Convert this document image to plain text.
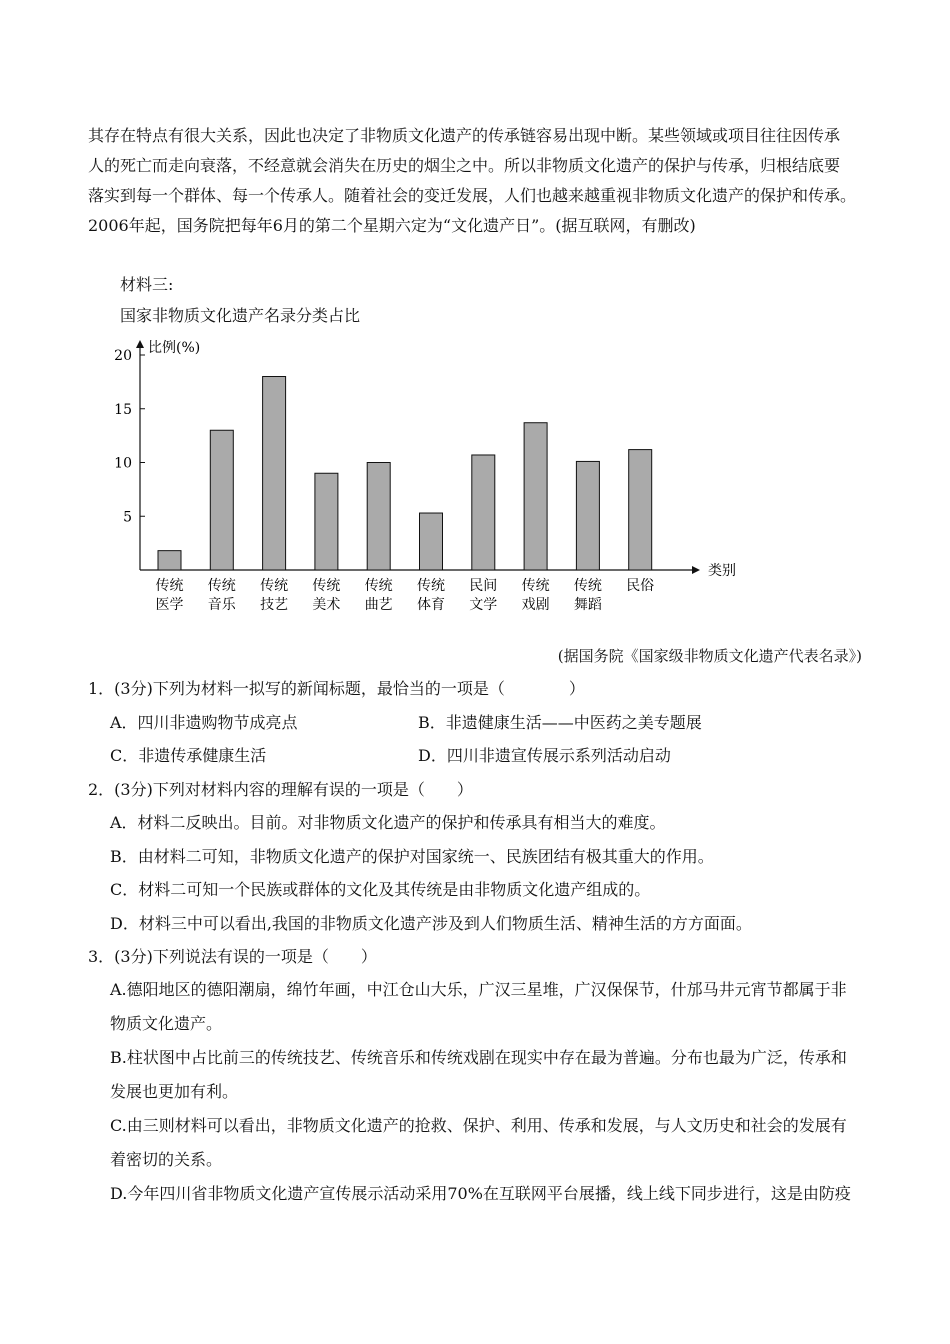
其存在特点有很大关系，因此也决定了非物质文化遗产的传承链容易出现中断。某些领域或项目往往因传承

人的死亡而走向衰落，不经意就会消失在历史的烟尘之中。所以非物质文化遗产的保护与传承，归根结底要

落实到每一个群体、每一个传承人。随着社会的变迁发展，人们也越来越重视非物质文化遗产的保护和传承。

2006年起，国务院把每年6月的第二个星期六定为“文化遗产日”。(据互联网，有删改)

材料三:
国家非物质文化遗产名录分类占比
比例(%)
类别
5
10
15
20
传统
医学
传统
音乐
传统
技艺
传统
美术
传统
曲艺
传统
体育
民间
文学
传统
戏剧
传统
舞蹈
民俗
(据国务院《国家级非物质文化遗产代表名录》)
1．(3分)下列为材料一拟写的新闻标题，最恰当的一项是（　　　　）
A．四川非遗购物节成亮点	B．非遗健康生活——中医药之美专题展
C．非遗传承健康生活	D．四川非遗宣传展示系列活动启动
2．(3分)下列对材料内容的理解有误的一项是（　　）
A．材料二反映出。目前。对非物质文化遗产的保护和传承具有相当大的难度。
B．由材料二可知，非物质文化遗产的保护对国家统一、民族团结有极其重大的作用。
C．材料二可知一个民族或群体的文化及其传统是由非物质文化遗产组成的。
D．材料三中可以看出,我国的非物质文化遗产涉及到人们物质生活、精神生活的方方面面。
3．(3分)下列说法有误的一项是（　　）

A.德阳地区的德阳潮扇，绵竹年画，中江仓山大乐，广汉三星堆，广汉保保节，什邡马井元宵节都属于非

物质文化遗产。

B.柱状图中占比前三的传统技艺、传统音乐和传统戏剧在现实中存在最为普遍。分布也最为广泛，传承和

发展也更加有利。

C.由三则材料可以看出，非物质文化遗产的抢救、保护、利用、传承和发展，与人文历史和社会的发展有

着密切的关系。

D.今年四川省非物质文化遗产宣传展示活动采用70%在互联网平台展播，线上线下同步进行，这是由防疫
